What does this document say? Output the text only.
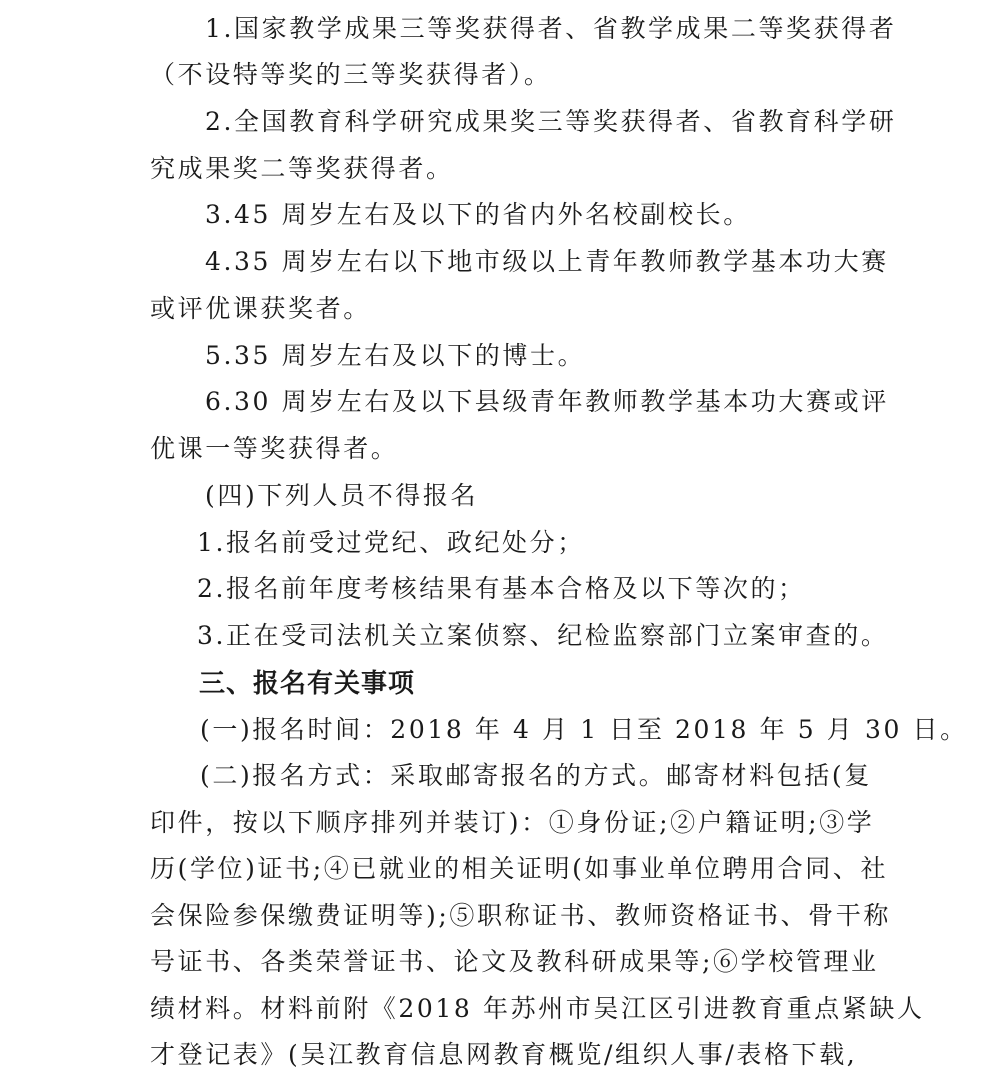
1.国家教学成果三等奖获得者、省教学成果二等奖获得者
（不设特等奖的三等奖获得者）。
2.全国教育科学研究成果奖三等奖获得者、省教育科学研
究成果奖二等奖获得者。
3.45 周岁左右及以下的省内外名校副校长。
4.35 周岁左右以下地市级以上青年教师教学基本功大赛
或评优课获奖者。
5.35 周岁左右及以下的博士。
6.30 周岁左右及以下县级青年教师教学基本功大赛或评
优课一等奖获得者。
(四)下列人员不得报名
1.报名前受过党纪、政纪处分；
2.报名前年度考核结果有基本合格及以下等次的；
3.正在受司法机关立案侦察、纪检监察部门立案审查的。
三、报名有关事项
(一)报名时间：2018 年 4 月 1 日至 2018 年 5 月 30 日。
(二)报名方式：采取邮寄报名的方式。邮寄材料包括(复
印件，按以下顺序排列并装订)：①身份证;②户籍证明;③学
历(学位)证书;④已就业的相关证明(如事业单位聘用合同、社
会保险参保缴费证明等);⑤职称证书、教师资格证书、骨干称
号证书、各类荣誉证书、论文及教科研成果等;⑥学校管理业
绩材料。材料前附《2018 年苏州市吴江区引进教育重点紧缺人
才登记表》(吴江教育信息网教育概览/组织人事/表格下载,
